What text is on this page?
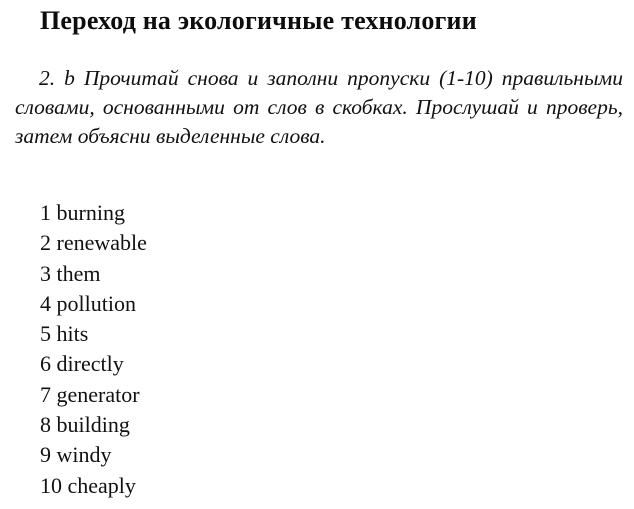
Переход на экологичные технологии
2. b Прочитай снова и заполни пропуски (1-10) правильными словами, основанными от слов в скобках. Прослушай и проверь, затем объясни выделенные слова.
1 burning
2 renewable
3 them
4 pollution
5 hits
6 directly
7 generator
8 building
9 windy
10 cheaply
